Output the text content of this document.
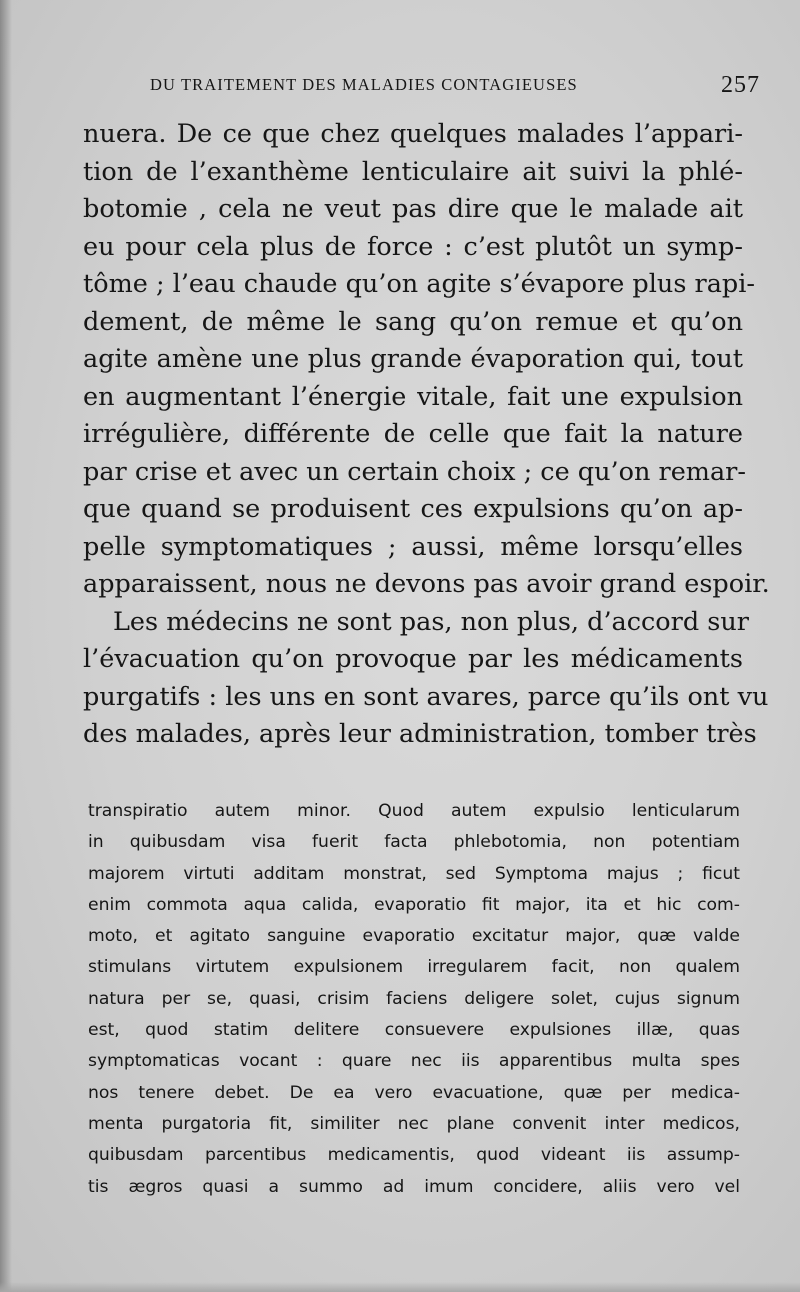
DU TRAITEMENT DES MALADIES CONTAGIEUSES	257
nuera. De ce que chez quelques malades l’appari-
tion de l’exanthème lenticulaire ait suivi la phlé-
botomie , cela ne veut pas dire que le malade ait
eu pour cela plus de force : c’est plutôt un symp-
tôme ; l’eau chaude qu’on agite s’évapore plus rapi-
dement, de même le sang qu’on remue et qu’on
agite amène une plus grande évaporation qui, tout
en augmentant l’énergie vitale, fait une expulsion
irrégulière, différente de celle que fait la nature
par crise et avec un certain choix ; ce qu’on remar-
que quand se produisent ces expulsions qu’on ap-
pelle symptomatiques ; aussi, même lorsqu’elles
apparaissent, nous ne devons pas avoir grand espoir.
Les médecins ne sont pas, non plus, d’accord sur
l’évacuation qu’on provoque par les médicaments
purgatifs : les uns en sont avares, parce qu’ils ont vu
des malades, après leur administration, tomber très
transpiratio autem minor. Quod autem expulsio lenticularum
in quibusdam visa fuerit facta phlebotomia, non potentiam
majorem virtuti additam monstrat, sed Symptoma majus ; ficut
enim commota aqua calida, evaporatio fit major, ita et hic com-
moto, et agitato sanguine evaporatio excitatur major, quæ valde
stimulans virtutem expulsionem irregularem facit, non qualem
natura per se, quasi, crisim faciens deligere solet, cujus signum
est, quod statim delitere consuevere expulsiones illæ, quas
symptomaticas vocant : quare nec iis apparentibus multa spes
nos tenere debet. De ea vero evacuatione, quæ per medica-
menta purgatoria fit, similiter nec plane convenit inter medicos,
quibusdam parcentibus medicamentis, quod videant iis assump-
tis ægros quasi a summo ad imum concidere, aliis vero vel
